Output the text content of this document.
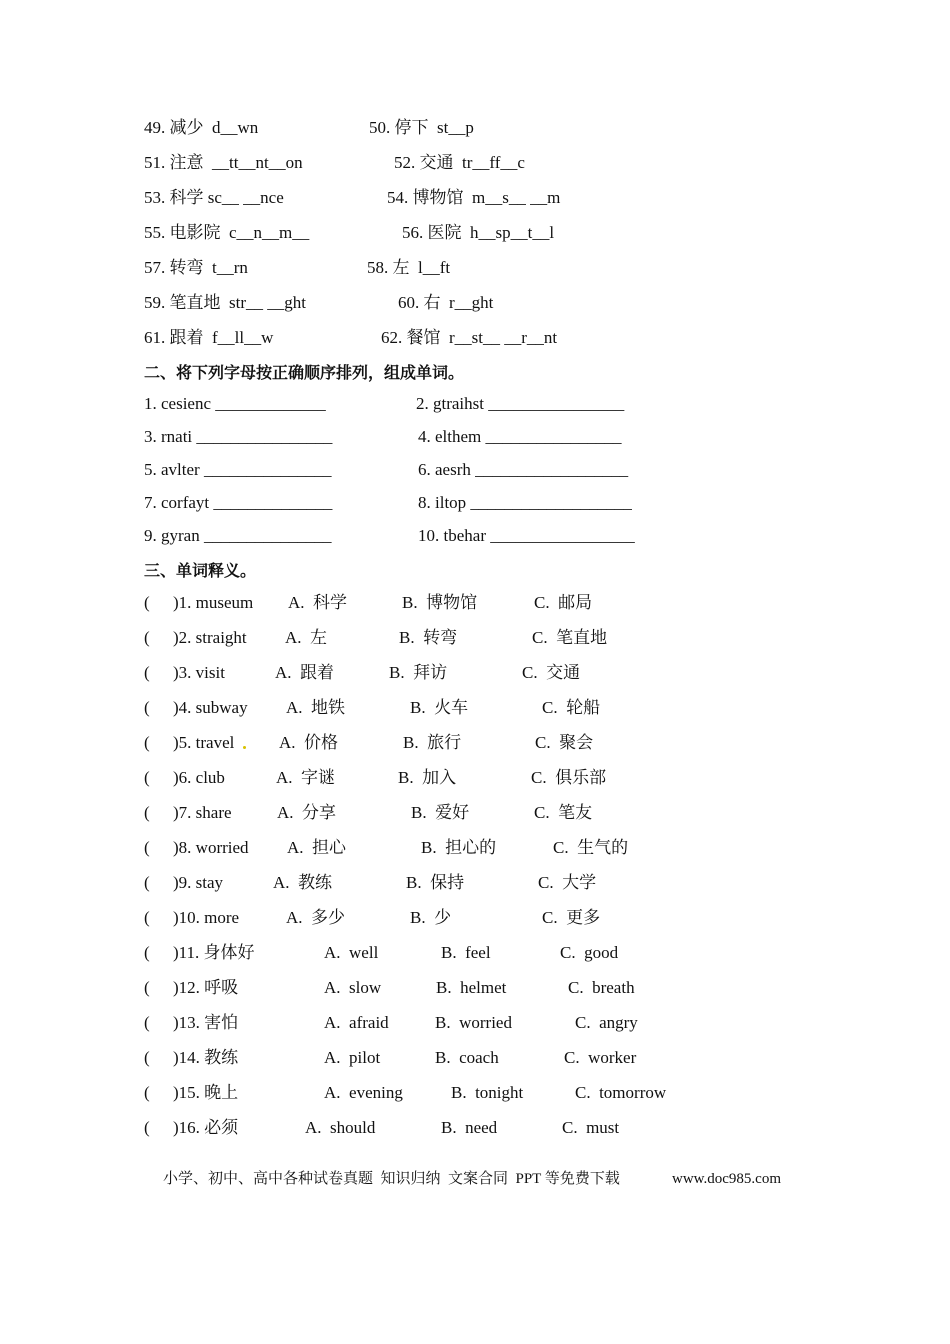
49. 减少  d__wn	50. 停下  st__p
51. 注意  __tt__nt__on	52. 交通  tr__ff__c
53. 科学 sc__ __nce	54. 博物馆  m__s__ __m
55. 电影院  c__n__m__	56. 医院  h__sp__t__l
57. 转弯  t__rn	58. 左  l__ft
59. 笔直地  str__ __ght	60. 右  r__ght
61. 跟着  f__ll__w	62. 餐馆  r__st__ __r__nt
二、将下列字母按正确顺序排列，组成单词。
1. cesienc _____________	2. gtraihst ________________
3. rnati ________________	4. elthem ________________
5. avlter _______________	6. aesrh __________________
7. corfayt ______________	8. iltop ___________________
9. gyran _______________	10. tbehar _________________
三、单词释义。
( )1. museum A.  科学	B.  博物馆	C.  邮局
( )2. straight A.  左	B.  转弯	C.  笔直地
( )3. visit	A.  跟着	B.  拜访	C.  交通
( )4. subway A.  地铁	B.  火车	C.  轮船
( )5. travel	A.  价格	B.  旅行	C.  聚会
( )6. club	A.  字谜	B.  加入	C.  俱乐部
( )7. share	A.  分享	B.  爱好	C.  笔友
( )8. worried A.  担心	B.  担心的	C.  生气的
( )9. stay	A.  教练	B.  保持	C.  大学
( )10. more	A.  多少	B.  少	C.  更多
( )11. 身体好	A.  well	B.  feel	C.  good
( )12. 呼吸	A.  slow	B.  helmet	C.  breath
( )13. 害怕	A.  afraid	B.  worried	C.  angry
( )14. 教练	A.  pilot	B.  coach	C.  worker
( )15. 晚上	A.  evening	B.  tonight	C.  tomorrow
( )16. 必须	A.  should	B.  need	C.  must
小学、初中、高中各种试卷真题  知识归纳  文案合同  PPT 等免费下载	www.doc985.com
